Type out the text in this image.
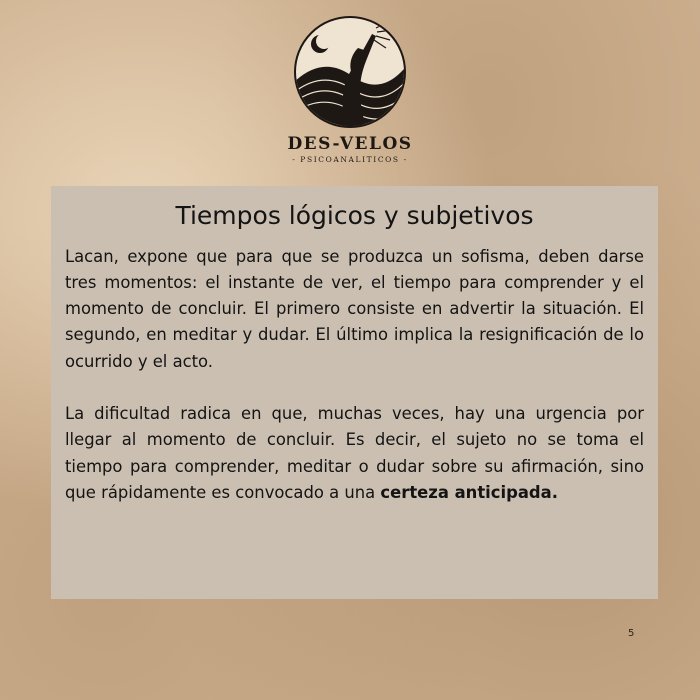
DES-VELOS
- PSICOANALITICOS -
Tiempos lógicos y subjetivos

Lacan, expone que para que se produzca un sofisma, deben darse tres momentos: el instante de ver, el tiempo para comprender y el momento de concluir. El primero consiste en advertir la situación. El segundo, en meditar y dudar. El último implica la resignificación de lo ocurrido y el acto.

La dificultad radica en que, muchas veces, hay una urgencia por llegar al momento de concluir. Es decir, el sujeto no se toma el tiempo para comprender, meditar o dudar sobre su afirmación, sino que rápidamente es convocado a una certeza anticipada.

5
